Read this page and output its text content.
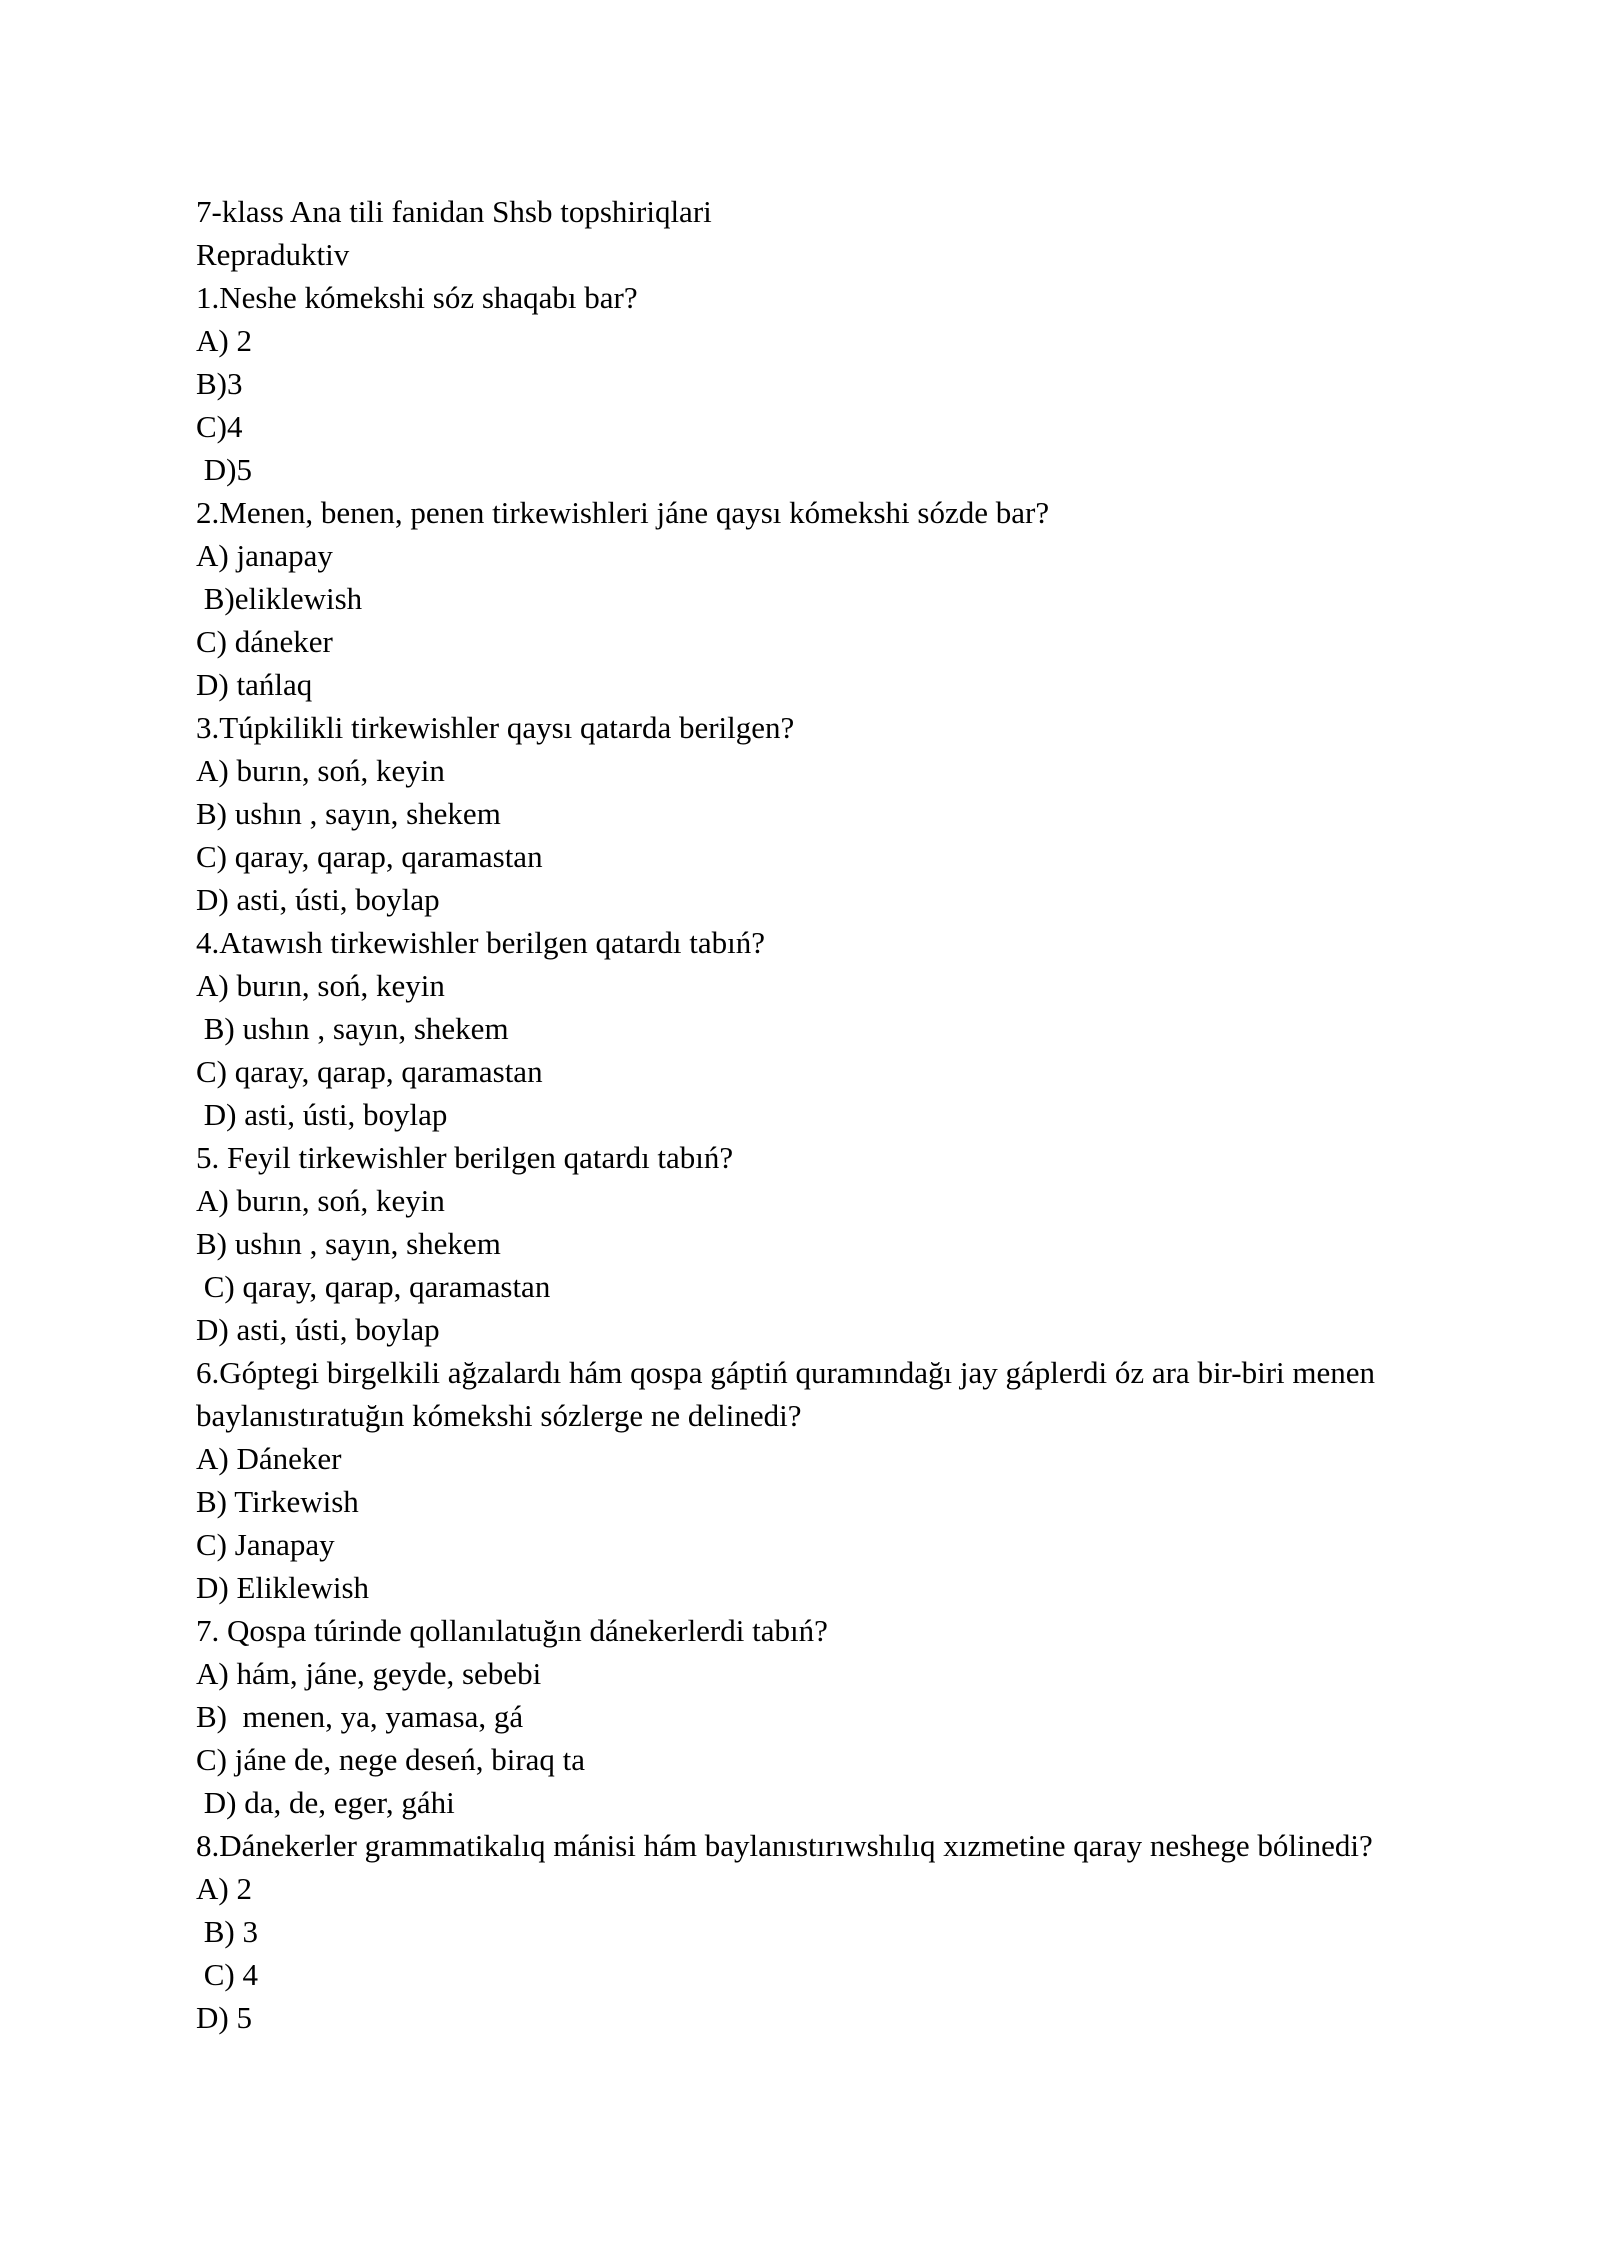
7-klass Ana tili fanidan Shsb topshiriqlari

Repraduktiv

1.Neshe kómekshi sóz shaqabı bar?

A) 2

B)3

C)4

D)5

2.Menen, benen, penen tirkewishleri jáne qaysı kómekshi sózde bar?

A) janapay

B)eliklewish

C) dáneker

D) tańlaq

3.Túpkilikli tirkewishler qaysı qatarda berilgen?

A) burın, soń, keyin

B) ushın , sayın, shekem

C) qaray, qarap, qaramastan

D) asti, ústi, boylap

4.Atawısh tirkewishler berilgen qatardı tabıń?

A) burın, soń, keyin

B) ushın , sayın, shekem

C) qaray, qarap, qaramastan

D) asti, ústi, boylap

5. Feyil tirkewishler berilgen qatardı tabıń?

A) burın, soń, keyin

B) ushın , sayın, shekem

C) qaray, qarap, qaramastan

D) asti, ústi, boylap

6.Góptegi birgelkili ağzalardı hám qospa gáptiń quramındağı jay gáplerdi óz ara bir-biri menen

baylanıstıratuğın kómekshi sózlerge ne delinedi?

A) Dáneker

B) Tirkewish

C) Janapay

D) Eliklewish

7. Qospa túrinde qollanılatuğın dánekerlerdi tabıń?

A) hám, jáne, geyde, sebebi

B)  menen, ya, yamasa, gá

C) jáne de, nege deseń, biraq ta

D) da, de, eger, gáhi

8.Dánekerler grammatikalıq mánisi hám baylanıstırıwshılıq xızmetine qaray neshege bólinedi?

A) 2

B) 3

C) 4

D) 5
